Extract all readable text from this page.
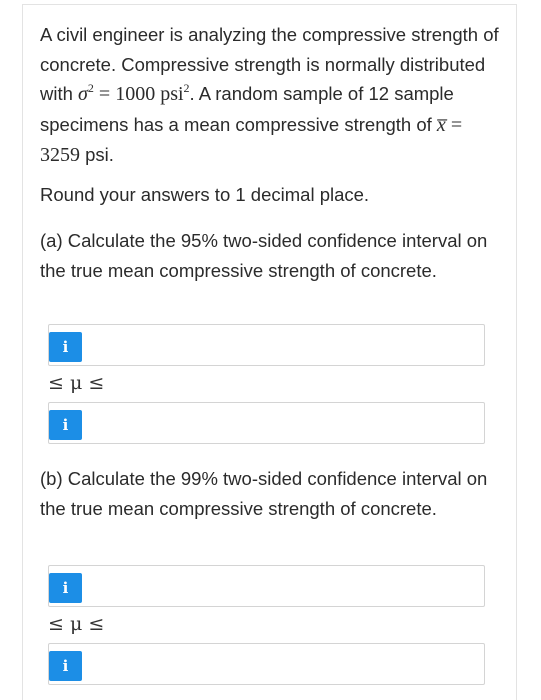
A civil engineer is analyzing the compressive strength of concrete. Compressive strength is normally distributed with $\sigma^2 = 1000$ psi$^2$. A random sample of 12 sample specimens has a mean compressive strength of x̅ = 3259 psi.

Round your answers to 1 decimal place.

(a) Calculate the 95% two-sided confidence interval on the true mean compressive strength of concrete.

(b) Calculate the 99% two-sided confidence interval on the true mean compressive strength of concrete.

i
≤ μ ≤
i
i
≤ μ ≤
i
